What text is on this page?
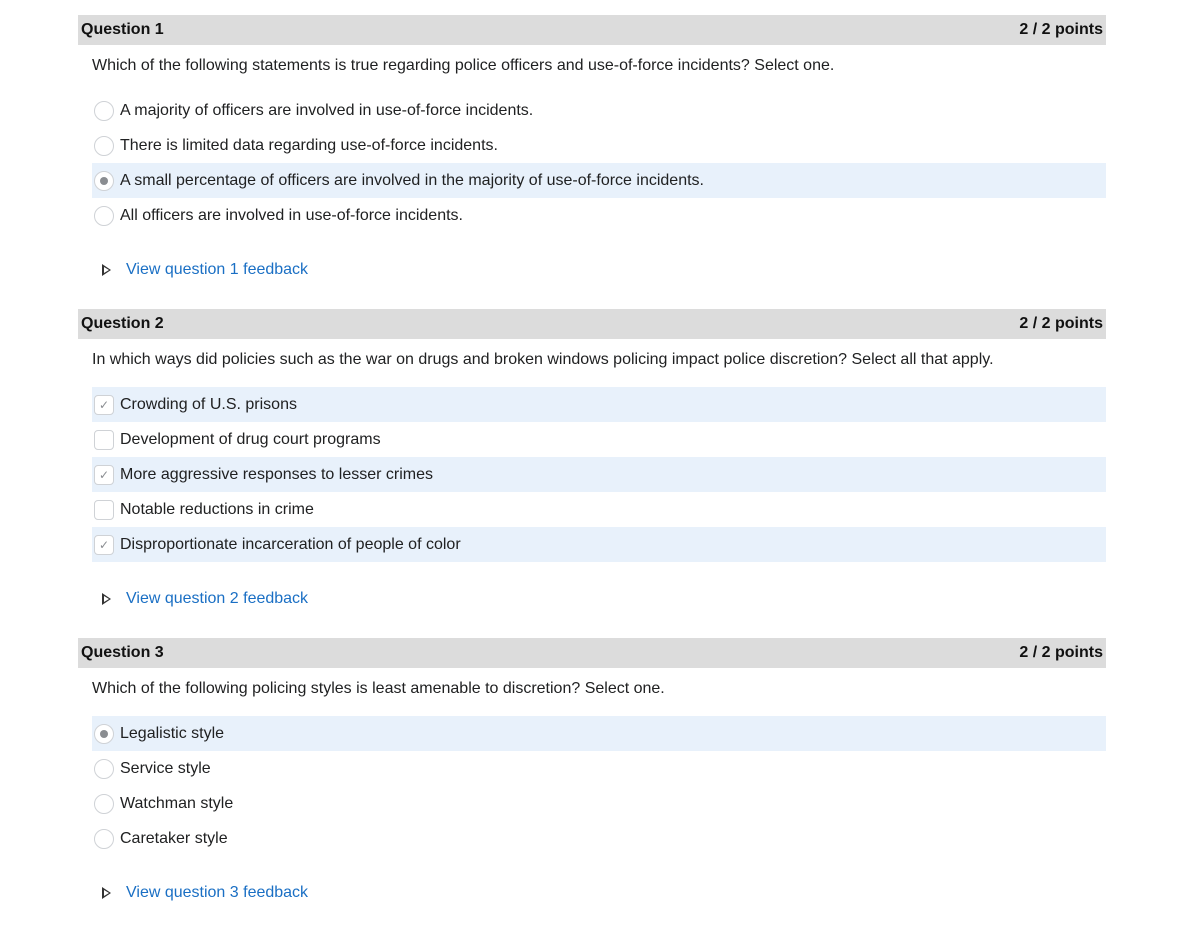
Question 1	2 / 2 points
Which of the following statements is true regarding police officers and use-of-force incidents? Select one.
A majority of officers are involved in use-of-force incidents.
There is limited data regarding use-of-force incidents.
A small percentage of officers are involved in the majority of use-of-force incidents.
All officers are involved in use-of-force incidents.
View question 1 feedback
Question 2	2 / 2 points
In which ways did policies such as the war on drugs and broken windows policing impact police discretion? Select all that apply.
✓ Crowding of U.S. prisons
Development of drug court programs
✓ More aggressive responses to lesser crimes
Notable reductions in crime
✓ Disproportionate incarceration of people of color
View question 2 feedback
Question 3	2 / 2 points
Which of the following policing styles is least amenable to discretion? Select one.
Legalistic style
Service style
Watchman style
Caretaker style
View question 3 feedback
